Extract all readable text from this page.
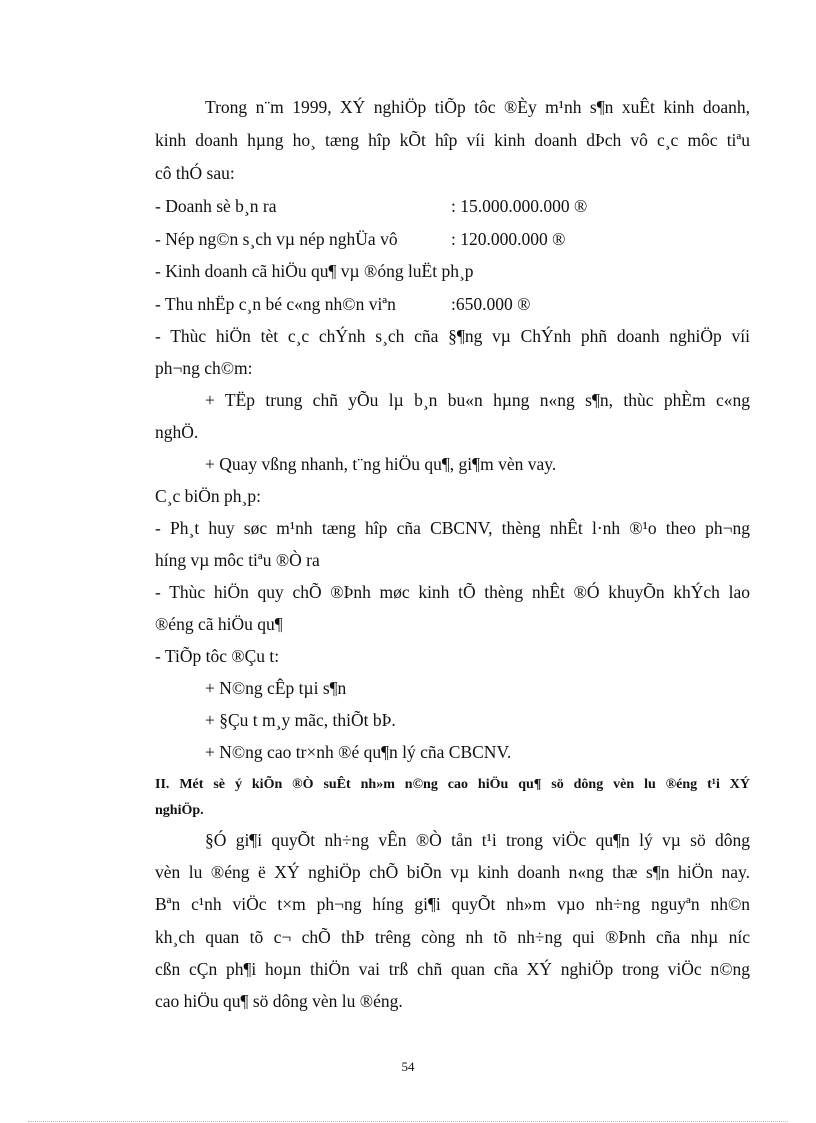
Trong n¨m 1999, XÝ nghiÖp tiÕp tôc ®Èy m¹nh s¶n xuÊt kinh doanh,
kinh doanh hµng ho¸ tæng hîp kÕt hîp víi kinh doanh dÞch vô c¸c môc tiªu
cô thÓ sau:
- Doanh sè b¸n ra	: 15.000.000.000 ®
- Nép ng©n s¸ch vµ nép nghÜa vô	: 120.000.000 ®
- Kinh doanh cã hiÖu qu¶ vµ ®óng luËt ph¸p
- Thu nhËp c¸n bé c«ng nh©n viªn	:650.000 ®
- Thùc hiÖn tèt c¸c chÝnh s¸ch cña §¶ng vµ ChÝnh phñ doanh nghiÖp víi
ph¬ng ch©m:
+ TËp trung chñ yÕu lµ b¸n bu«n hµng n«ng s¶n, thùc phÈm c«ng
nghÖ.
+ Quay vßng nhanh, t¨ng hiÖu qu¶, gi¶m vèn vay.
C¸c biÖn ph¸p:
- Ph¸t huy søc m¹nh tæng hîp cña CBCNV, thèng nhÊt l·nh ®¹o theo ph¬ng
híng vµ môc tiªu ®Ò ra
- Thùc hiÖn quy chÕ ®Þnh møc kinh tÕ thèng nhÊt ®Ó khuyÕn khÝch lao
®éng cã hiÖu qu¶
- TiÕp tôc ®Çu t:
+ N©ng cÊp tµi s¶n
+ §Çu t m¸y mãc, thiÕt bÞ.
+ N©ng cao tr×nh ®é qu¶n lý cña CBCNV.
II. Mét sè ý kiÕn ®Ò suÊt nh»m n©ng cao hiÖu qu¶ sö dông vèn lu ®éng t¹i XÝ
nghiÖp.
§Ó gi¶i quyÕt nh÷ng vÊn ®Ò tån t¹i trong viÖc qu¶n lý vµ sö dông
vèn lu ®éng ë XÝ nghiÖp chÕ biÕn vµ kinh doanh n«ng thæ s¶n hiÖn nay.
Bªn c¹nh viÖc t×m ph¬ng híng gi¶i quyÕt nh»m vµo nh÷ng nguyªn nh©n
kh¸ch quan tõ c¬ chÕ thÞ trêng còng nh tõ nh÷ng qui ®Þnh cña nhµ níc
cßn cÇn ph¶i hoµn thiÖn vai trß chñ quan cña XÝ nghiÖp trong viÖc n©ng
cao hiÖu qu¶ sö dông vèn lu ®éng.
54
